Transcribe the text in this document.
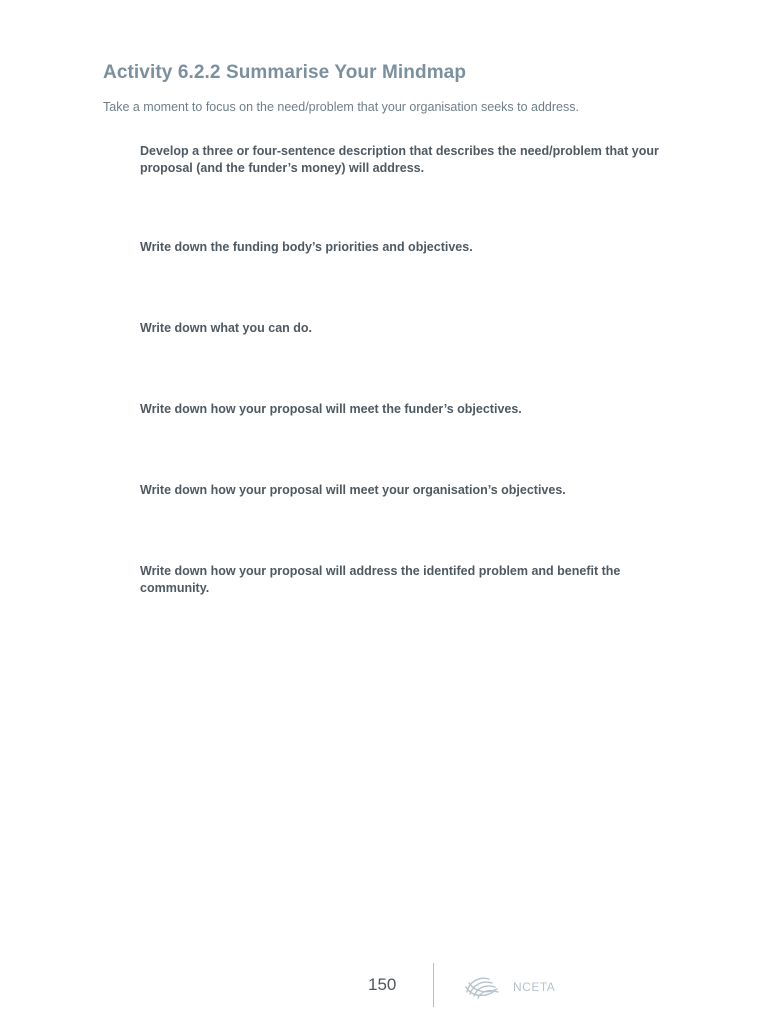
Activity 6.2.2 Summarise Your Mindmap

Take a moment to focus on the need/problem that your organisation seeks to address.

Develop a three or four-sentence description that describes the need/problem that your proposal (and the funder’s money) will address.

Write down the funding body’s priorities and objectives.

Write down what you can do.

Write down how your proposal will meet the funder’s objectives.

Write down how your proposal will meet your organisation’s objectives.

Write down how your proposal will address the identifed problem and benefit the community.

150	NCETA
